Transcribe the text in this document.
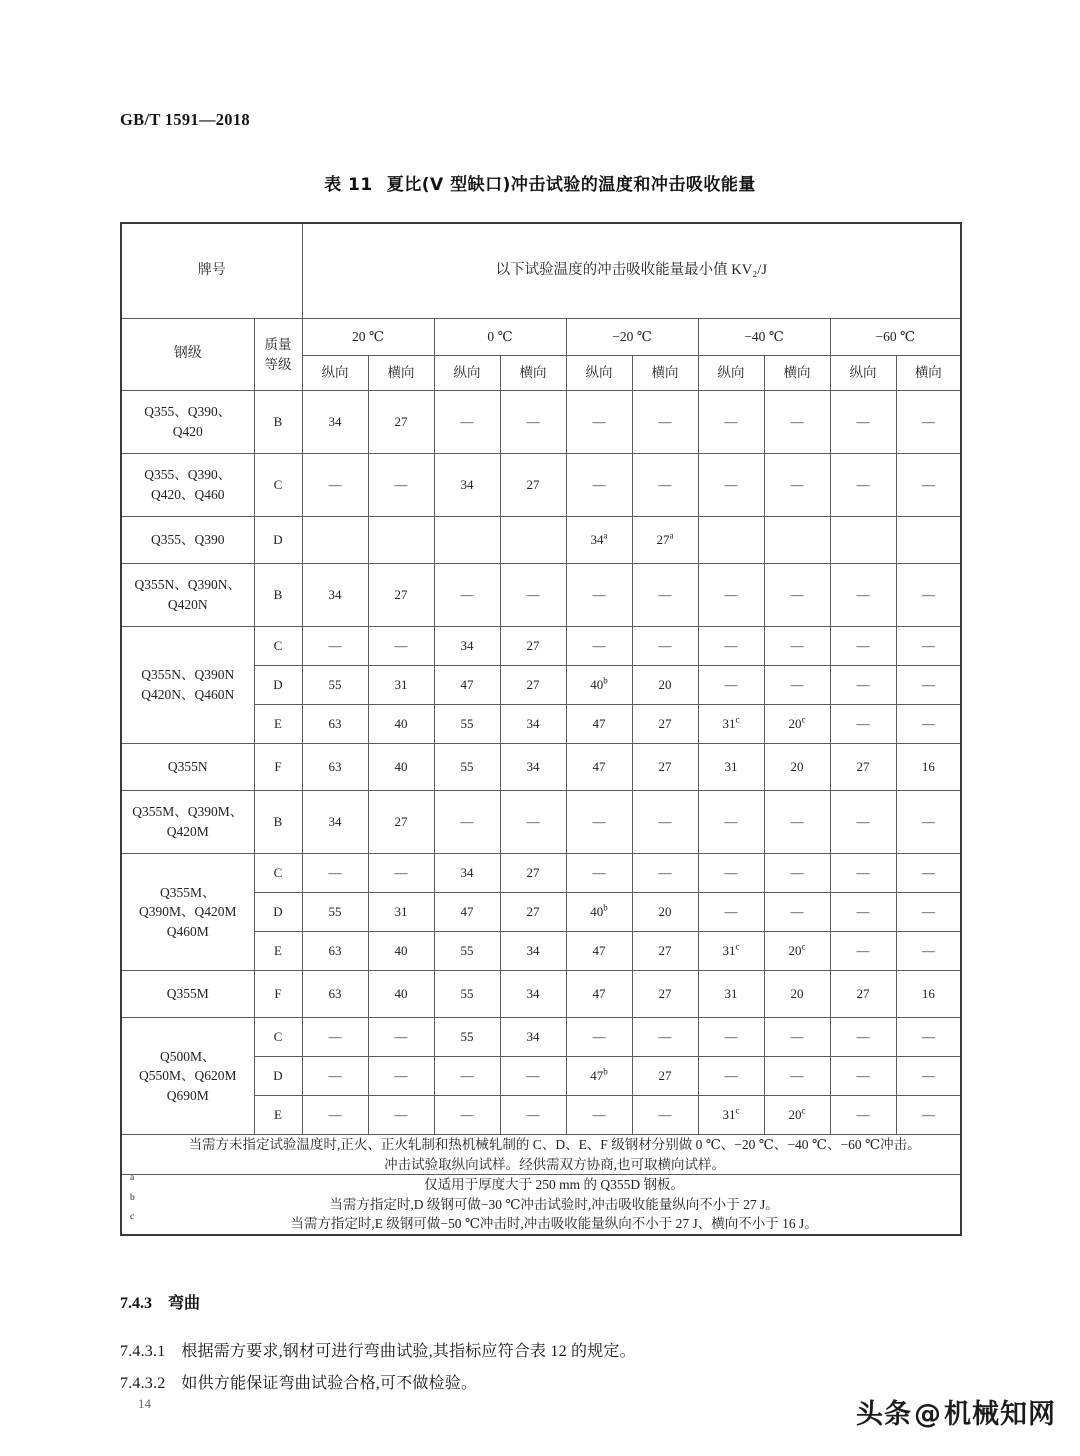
GB/T 1591—2018
表 11 夏比(V 型缺口)冲击试验的温度和冲击吸收能量
牌号		以下试验温度的冲击吸收能量最小值 KV₂/J									
钢级	质量
等级	20 ℃		0 ℃		−20 ℃		−40 ℃		−60 ℃	
		纵向	横向	纵向	横向	纵向	横向	纵向	横向	纵向	横向

Q355、Q390、
Q420	B	34	27	—	—	—	—	—	—	—	—

Q355、Q390、
Q420、Q460	C	—	—	34	27	—	—	—	—	—	—

Q355、Q390	D					34$^a$	27$^a$				

Q355N、Q390N、
Q420N	B	34	27	—	—	—	—	—	—	—	—

Q355N、Q390N
Q420N、Q460N	C	—	—	34	27	—	—	—	—	—	—
	D	55	31	47	27	40$^b$	20	—	—	—	—
	E	63	40	55	34	47	27	31$^c$	20$^c$	—	—

Q355N	F	63	40	55	34	47	27	31	20	27	16

Q355M、Q390M、
Q420M	B	34	27	—	—	—	—	—	—	—	—

Q355M、
Q390M、Q420M
Q460M	C	—	—	34	27	—	—	—	—	—	—
	D	55	31	47	27	40$^b$	20	—	—	—	—
	E	63	40	55	34	47	27	31$^c$	20$^c$	—	—

Q355M	F	63	40	55	34	47	27	31	20	27	16

Q500M、
Q550M、Q620M
Q690M	C	—	—	55	34	—	—	—	—	—	—
	D	—	—	—	—	47$^b$	27	—	—	—	—
	E	—	—	—	—	—	—	31$^c$	20$^c$	—	—

当需方未指定试验温度时,正火、正火轧制和热机械轧制的 C、D、E、F 级钢材分别做 0 ℃、−20 ℃、−40 ℃、−60 ℃冲击。

冲击试验取纵向试样。经供需双方协商,也可取横向试样。											

a	仅适用于厚度大于 250 mm 的 Q355D 钢板。
b	当需方指定时,D 级钢可做−30 ℃冲击试验时,冲击吸收能量纵向不小于 27 J。
c	当需方指定时,E 级钢可做−50 ℃冲击时,冲击吸收能量纵向不小于 27 J、横向不小于 16 J。
7.4.3 弯曲
7.4.3.1 根据需方要求,钢材可进行弯曲试验,其指标应符合表 12 的规定。
7.4.3.2 如供方能保证弯曲试验合格,可不做检验。
14	头条@机械知网
